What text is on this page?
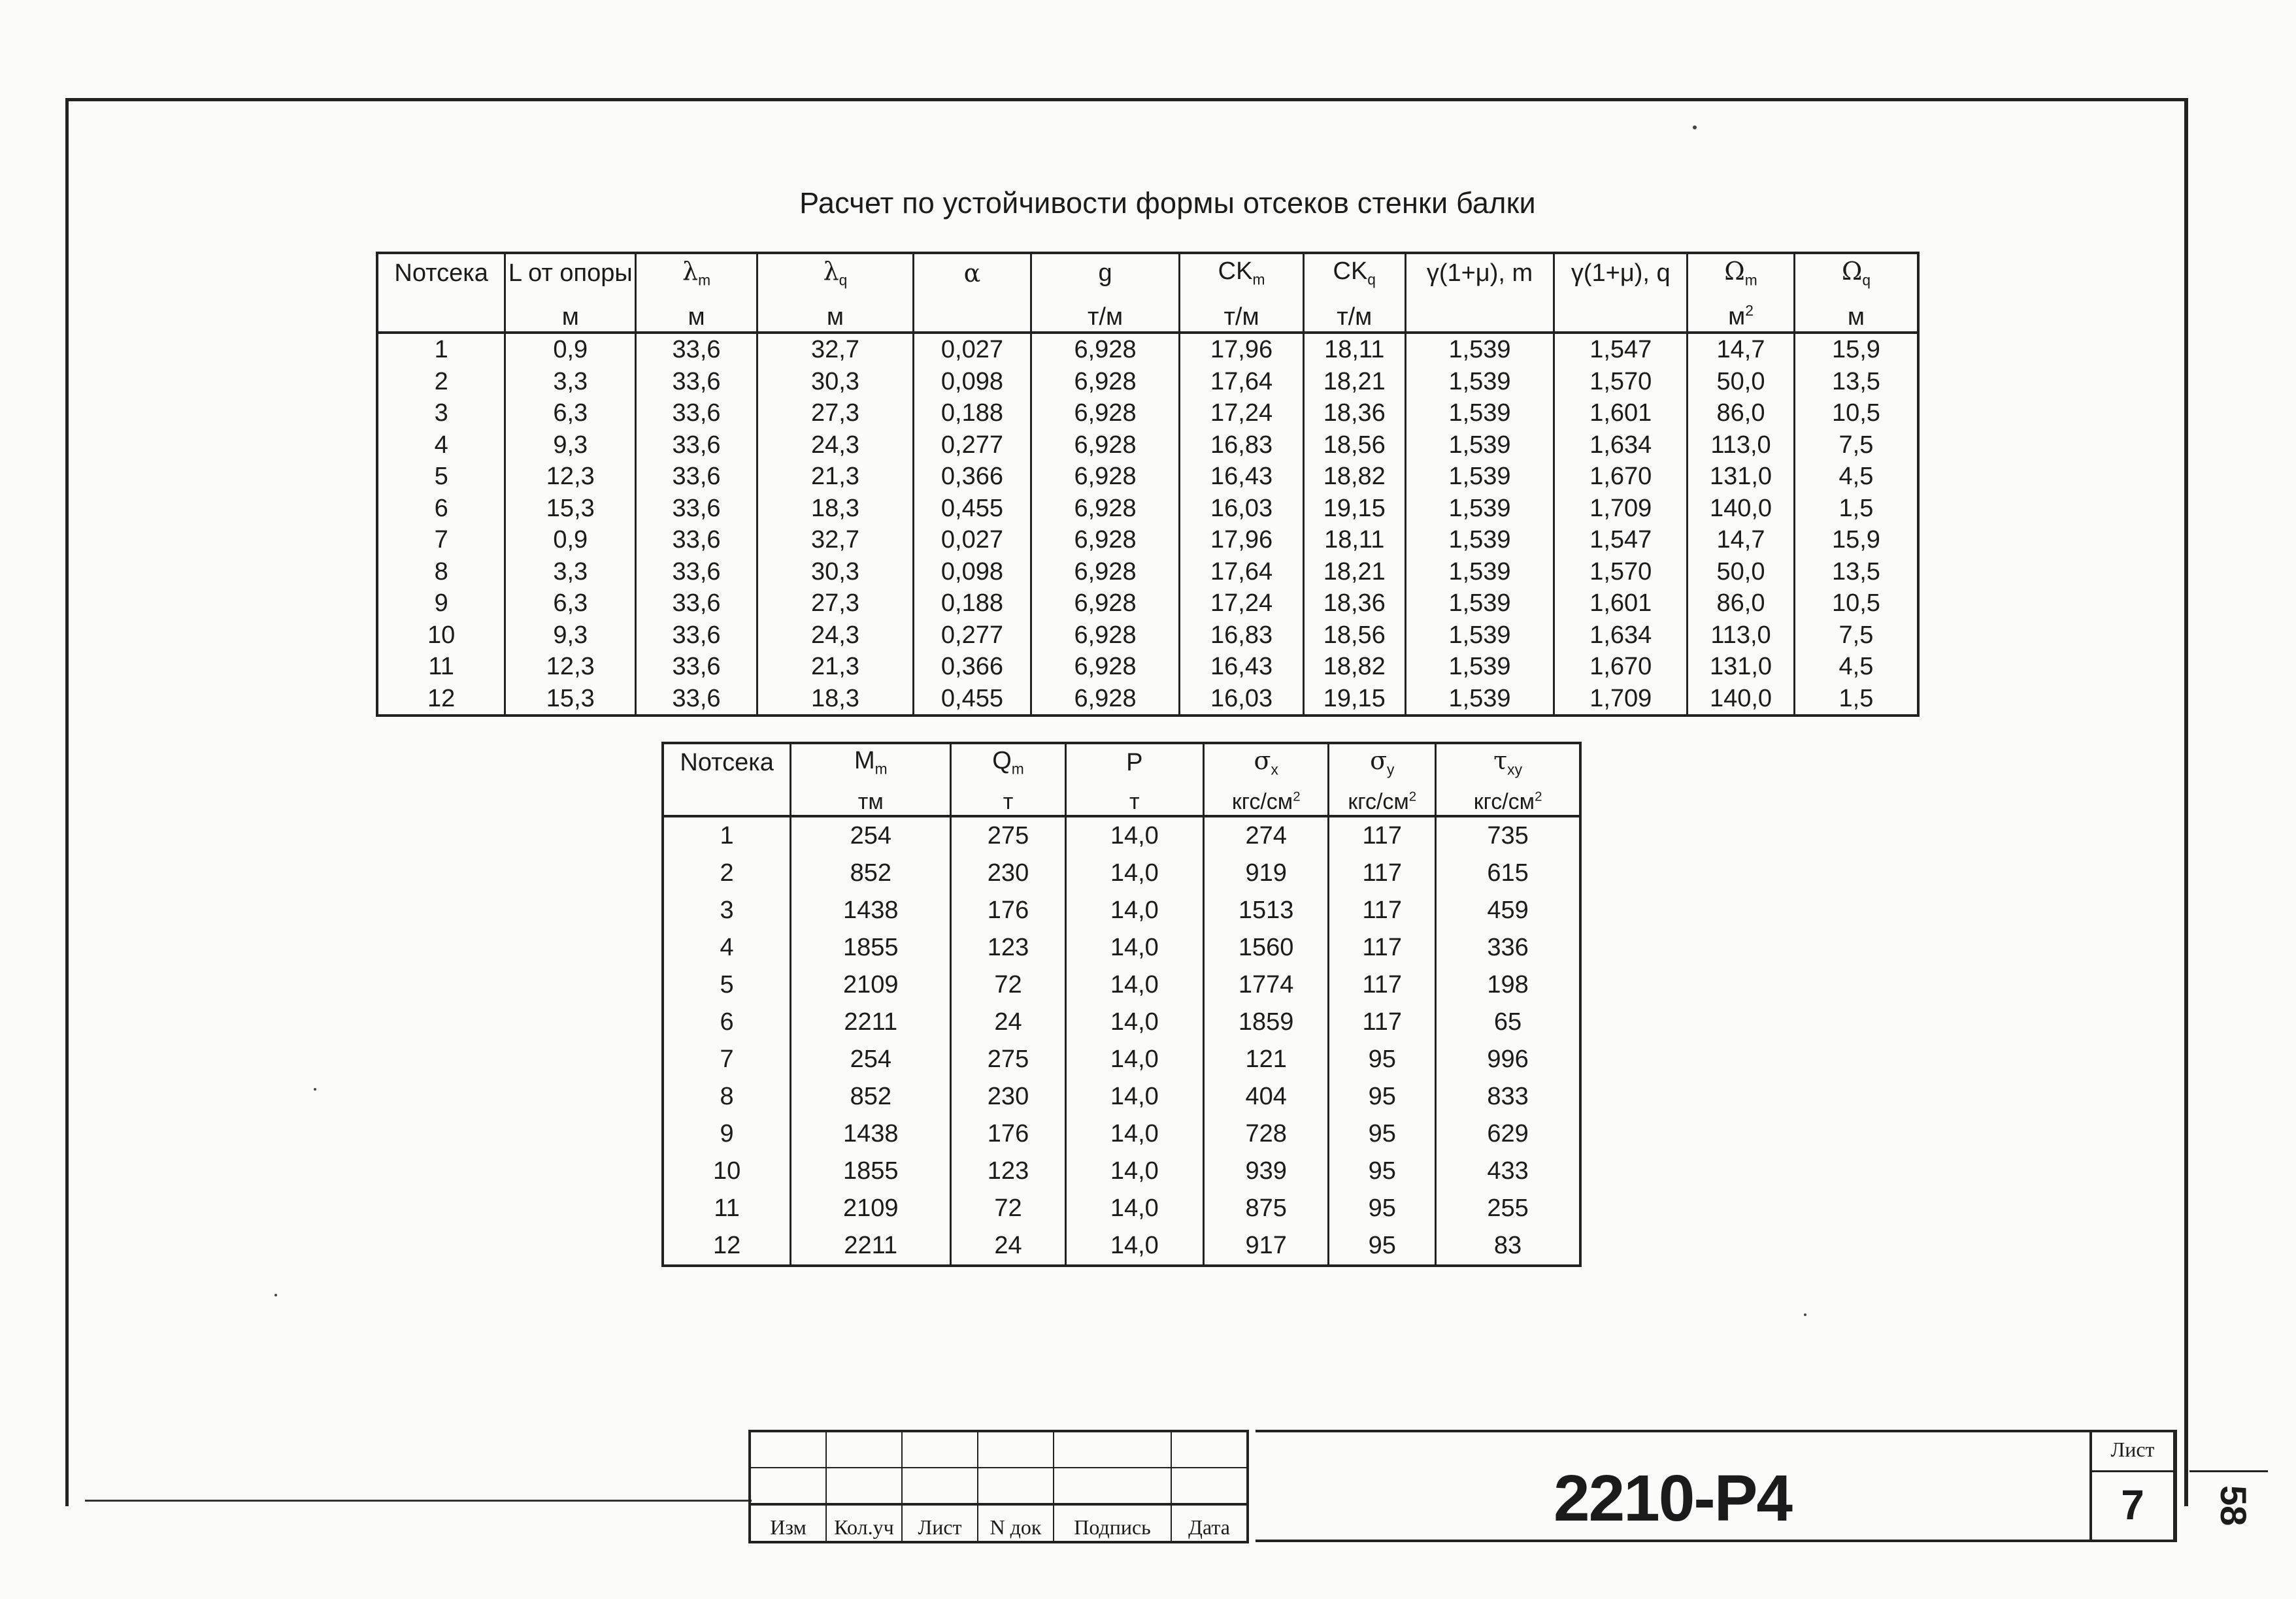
Расчет по устойчивости формы отсеков стенки балки
Nотсека	L от опоры	$\lambda_m$	$\lambda_q$	α	g	$CK_m$	$CK_q$	γ(1+μ), m	γ(1+μ), q	$\Omega_m$	$\Omega_q$
	м	м	м		т/м	т/м	т/м			$м^2$	м
1	0,9	33,6	32,7	0,027	6,928	17,96	18,11	1,539	1,547	14,7	15,9
2	3,3	33,6	30,3	0,098	6,928	17,64	18,21	1,539	1,570	50,0	13,5
3	6,3	33,6	27,3	0,188	6,928	17,24	18,36	1,539	1,601	86,0	10,5
4	9,3	33,6	24,3	0,277	6,928	16,83	18,56	1,539	1,634	113,0	7,5
5	12,3	33,6	21,3	0,366	6,928	16,43	18,82	1,539	1,670	131,0	4,5
6	15,3	33,6	18,3	0,455	6,928	16,03	19,15	1,539	1,709	140,0	1,5
7	0,9	33,6	32,7	0,027	6,928	17,96	18,11	1,539	1,547	14,7	15,9
8	3,3	33,6	30,3	0,098	6,928	17,64	18,21	1,539	1,570	50,0	13,5
9	6,3	33,6	27,3	0,188	6,928	17,24	18,36	1,539	1,601	86,0	10,5
10	9,3	33,6	24,3	0,277	6,928	16,83	18,56	1,539	1,634	113,0	7,5
11	12,3	33,6	21,3	0,366	6,928	16,43	18,82	1,539	1,670	131,0	4,5
12	15,3	33,6	18,3	0,455	6,928	16,03	19,15	1,539	1,709	140,0	1,5
Nотсека	$M_m$	$Q_m$	P	$\sigma_x$	$\sigma_y$	$\tau_{xy}$
	тм	т	т	кгс/$см^2$	кгс/$см^2$	кгс/$см^2$
1	254	275	14,0	274	117	735
2	852	230	14,0	919	117	615
3	1438	176	14,0	1513	117	459
4	1855	123	14,0	1560	117	336
5	2109	72	14,0	1774	117	198
6	2211	24	14,0	1859	117	65
7	254	275	14,0	121	95	996
8	852	230	14,0	404	95	833
9	1438	176	14,0	728	95	629
10	1855	123	14,0	939	95	433
11	2109	72	14,0	875	95	255
12	2211	24	14,0	917	95	83

Изм	Кол.уч	Лист	N док	Подпись	Дата	2210-Р4
Лист
7	58
